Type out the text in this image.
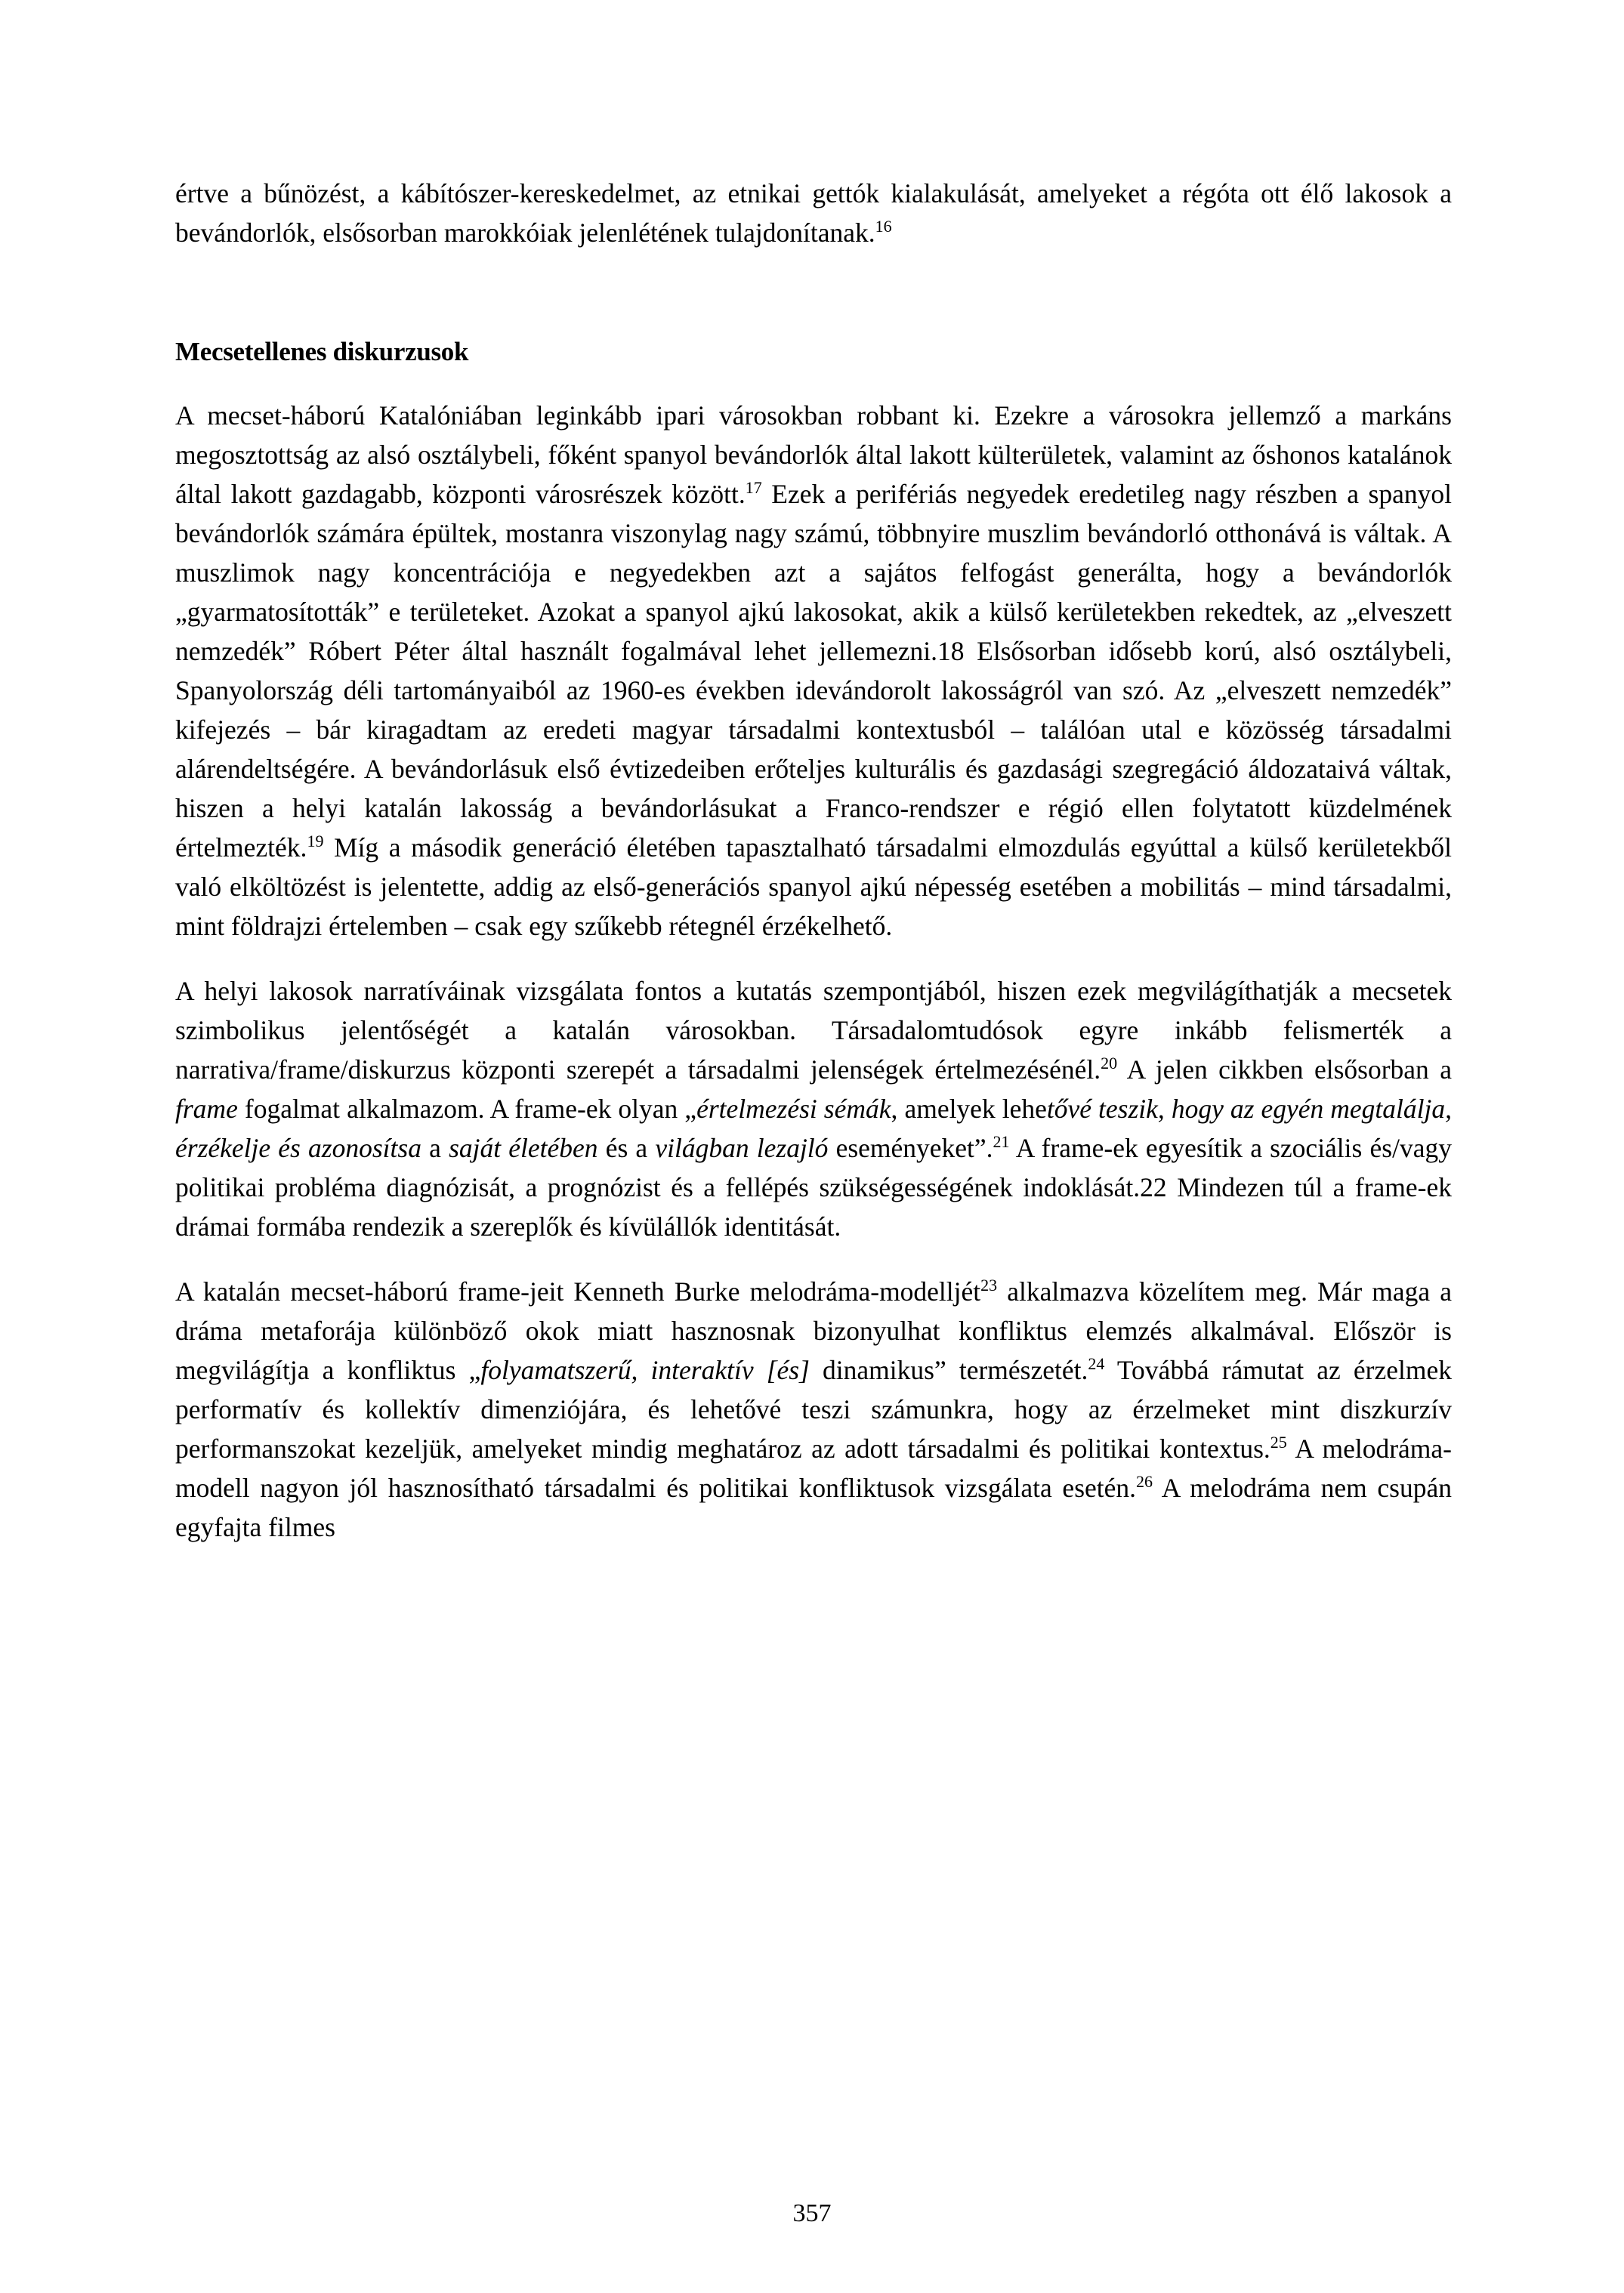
értve a bűnözést, a kábítószer-kereskedelmet, az etnikai gettók kialakulását, amelyeket a régóta ott élő lakosok a bevándorlók, elsősorban marokkóiak jelenlétének tulajdonítanak.$^{16}$

Mecsetellenes diskurzusok

A mecset-háború Katalóniában leginkább ipari városokban robbant ki. Ezekre a városokra jellemző a markáns megosztottság az alsó osztálybeli, főként spanyol bevándorlók által lakott külterületek, valamint az őshonos katalánok által lakott gazdagabb, központi városrészek között.$^{17}$ Ezek a perifériás negyedek eredetileg nagy részben a spanyol bevándorlók számára épültek, mostanra viszonylag nagy számú, többnyire muszlim bevándorló otthonává is váltak. A muszlimok nagy koncentrációja e negyedekben azt a sajátos felfogást generálta, hogy a bevándorlók „gyarmatosították” e területeket. Azokat a spanyol ajkú lakosokat, akik a külső kerületekben rekedtek, az „elveszett nemzedék” Róbert Péter által használt fogalmával lehet jellemezni.18 Elsősorban idősebb korú, alsó osztálybeli, Spanyolország déli tartományaiból az 1960-es években idevándorolt lakosságról van szó. Az „elveszett nemzedék” kifejezés – bár kiragadtam az eredeti magyar társadalmi kontextusból – találóan utal e közösség társadalmi alárendeltségére. A bevándorlásuk első évtizedeiben erőteljes kulturális és gazdasági szegregáció áldozataivá váltak, hiszen a helyi katalán lakosság a bevándorlásukat a Franco-rendszer e régió ellen folytatott küzdelmének értelmezték.$^{19}$ Míg a második generáció életében tapasztalható társadalmi elmozdulás egyúttal a külső kerületekből való elköltözést is jelentette, addig az első-generációs spanyol ajkú népesség esetében a mobilitás – mind társadalmi, mint földrajzi értelemben – csak egy szűkebb rétegnél érzékelhető.

A helyi lakosok narratíváinak vizsgálata fontos a kutatás szempontjából, hiszen ezek megvilágíthatják a mecsetek szimbolikus jelentőségét a katalán városokban. Társadalomtudósok egyre inkább felismerték a narrativa/frame/diskurzus központi szerepét a társadalmi jelenségek értelmezésénél.$^{20}$ A jelen cikkben elsősorban a frame fogalmat alkalmazom. A frame-ek olyan „értelmezési sémák, amelyek lehetővé teszik, hogy az egyén megtalálja, érzékelje és azonosítsa a saját életében és a világban lezajló eseményeket”.$^{21}$ A frame-ek egyesítik a szociális és/vagy politikai probléma diagnózisát, a prognózist és a fellépés szükségességének indoklását.22 Mindezen túl a frame-ek drámai formába rendezik a szereplők és kívülállók identitását.

A katalán mecset-háború frame-jeit Kenneth Burke melodráma-modelljét$^{23}$ alkalmazva közelítem meg. Már maga a dráma metaforája különböző okok miatt hasznosnak bizonyulhat konfliktus elemzés alkalmával. Először is megvilágítja a konfliktus „folyamatszerű, interaktív [és] dinamikus” természetét.$^{24}$ Továbbá rámutat az érzelmek performatív és kollektív dimenziójára, és lehetővé teszi számunkra, hogy az érzelmeket mint diszkurzív performanszokat kezeljük, amelyeket mindig meghatároz az adott társadalmi és politikai kontextus.$^{25}$ A melodráma-modell nagyon jól hasznosítható társadalmi és politikai konfliktusok vizsgálata esetén.$^{26}$ A melodráma nem csupán egyfajta filmes

357
